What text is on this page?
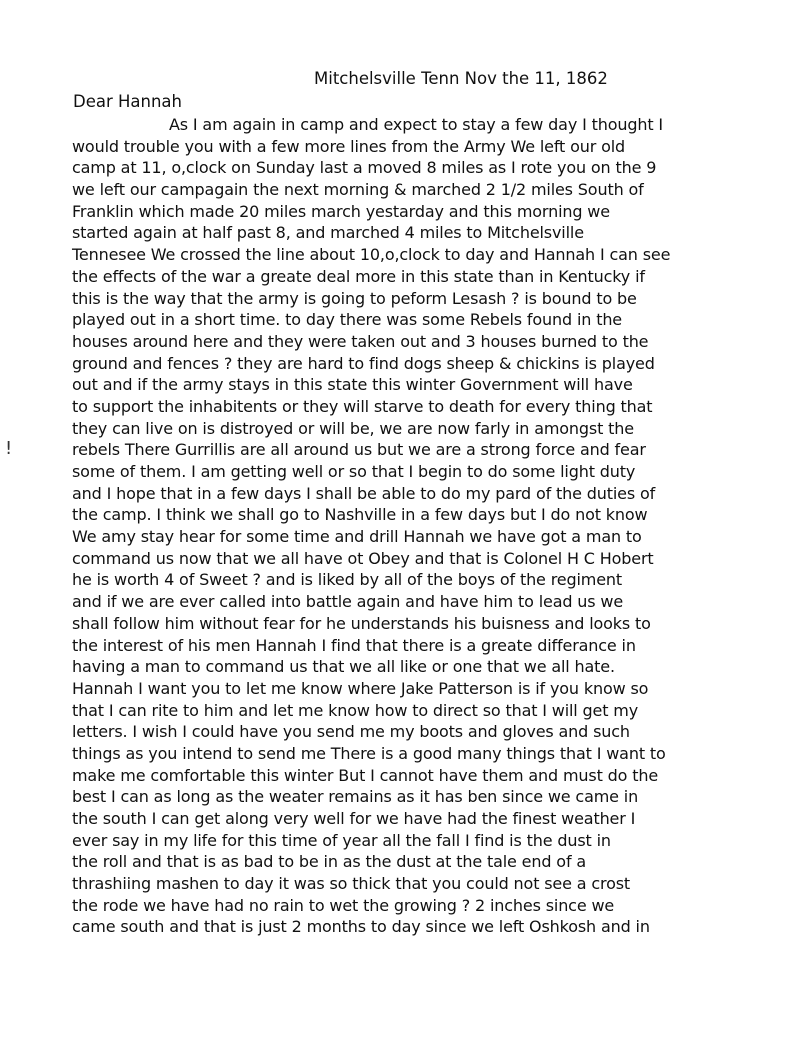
Mitchelsville Tenn Nov the 11, 1862
Dear Hannah
!
As I am again in camp and expect to stay a few day I thought I
would trouble you with a few more lines from the Army We left our old
camp at 11, o,clock on Sunday last a moved 8 miles as I rote you on the 9
we left our campagain the next morning & marched 2 1/2 miles South of
Franklin which made 20 miles march yestarday and this morning we
started again at half past 8, and marched 4 miles to Mitchelsville
Tennesee We crossed the line about 10,o,clock to day and Hannah I can see
the effects of the war a greate deal more in this state than in Kentucky if
this is the way that the army is going to peform Lesash ? is bound to be
played out in a short time. to day there was some Rebels found in the
houses around here and they were taken out and 3 houses burned to the
ground and fences ? they are hard to find dogs sheep & chickins is played
out and if the army stays in this state this winter Government will have
to support the inhabitents or they will starve to death for every thing that
they can live on is distroyed or will be, we are now farly in amongst the
rebels There Gurrillis are all around us but we are a strong force and fear
some of them. I am getting well or so that I begin to do some light duty
and I hope that in a few days I shall be able to do my pard of the duties of
the camp. I think we shall go to Nashville in a few days but I do not know
We amy stay hear for some time and drill Hannah we have got a man to
command us now that we all have ot Obey and that is Colonel H C Hobert
he is worth 4 of Sweet ? and is liked by all of the boys of the regiment
and if we are ever called into battle again and have him to lead us we
shall follow him without fear for he understands his buisness and looks to
the interest of his men Hannah I find that there is a greate differance in
having a man to command us that we all like or one that we all hate.
Hannah I want you to let me know where Jake Patterson is if you know so
that I can rite to him and let me know how to direct so that I will get my
letters. I wish I could have you send me my boots and gloves and such
things as you intend to send me There is a good many things that I want to
make me comfortable this winter But I cannot have them and must do the
best I can as long as the weater remains as it has ben since we came in
the south I can get along very well for we have had the finest weather I
ever say in my life for this time of year all the fall I find is the dust in
the roll and that is as bad to be in as the dust at the tale end of a
thrashiing mashen to day it was so thick that you could not see a crost
the rode we have had no rain to wet the growing ? 2 inches since we
came south and that is just 2 months to day since we left Oshkosh and in
